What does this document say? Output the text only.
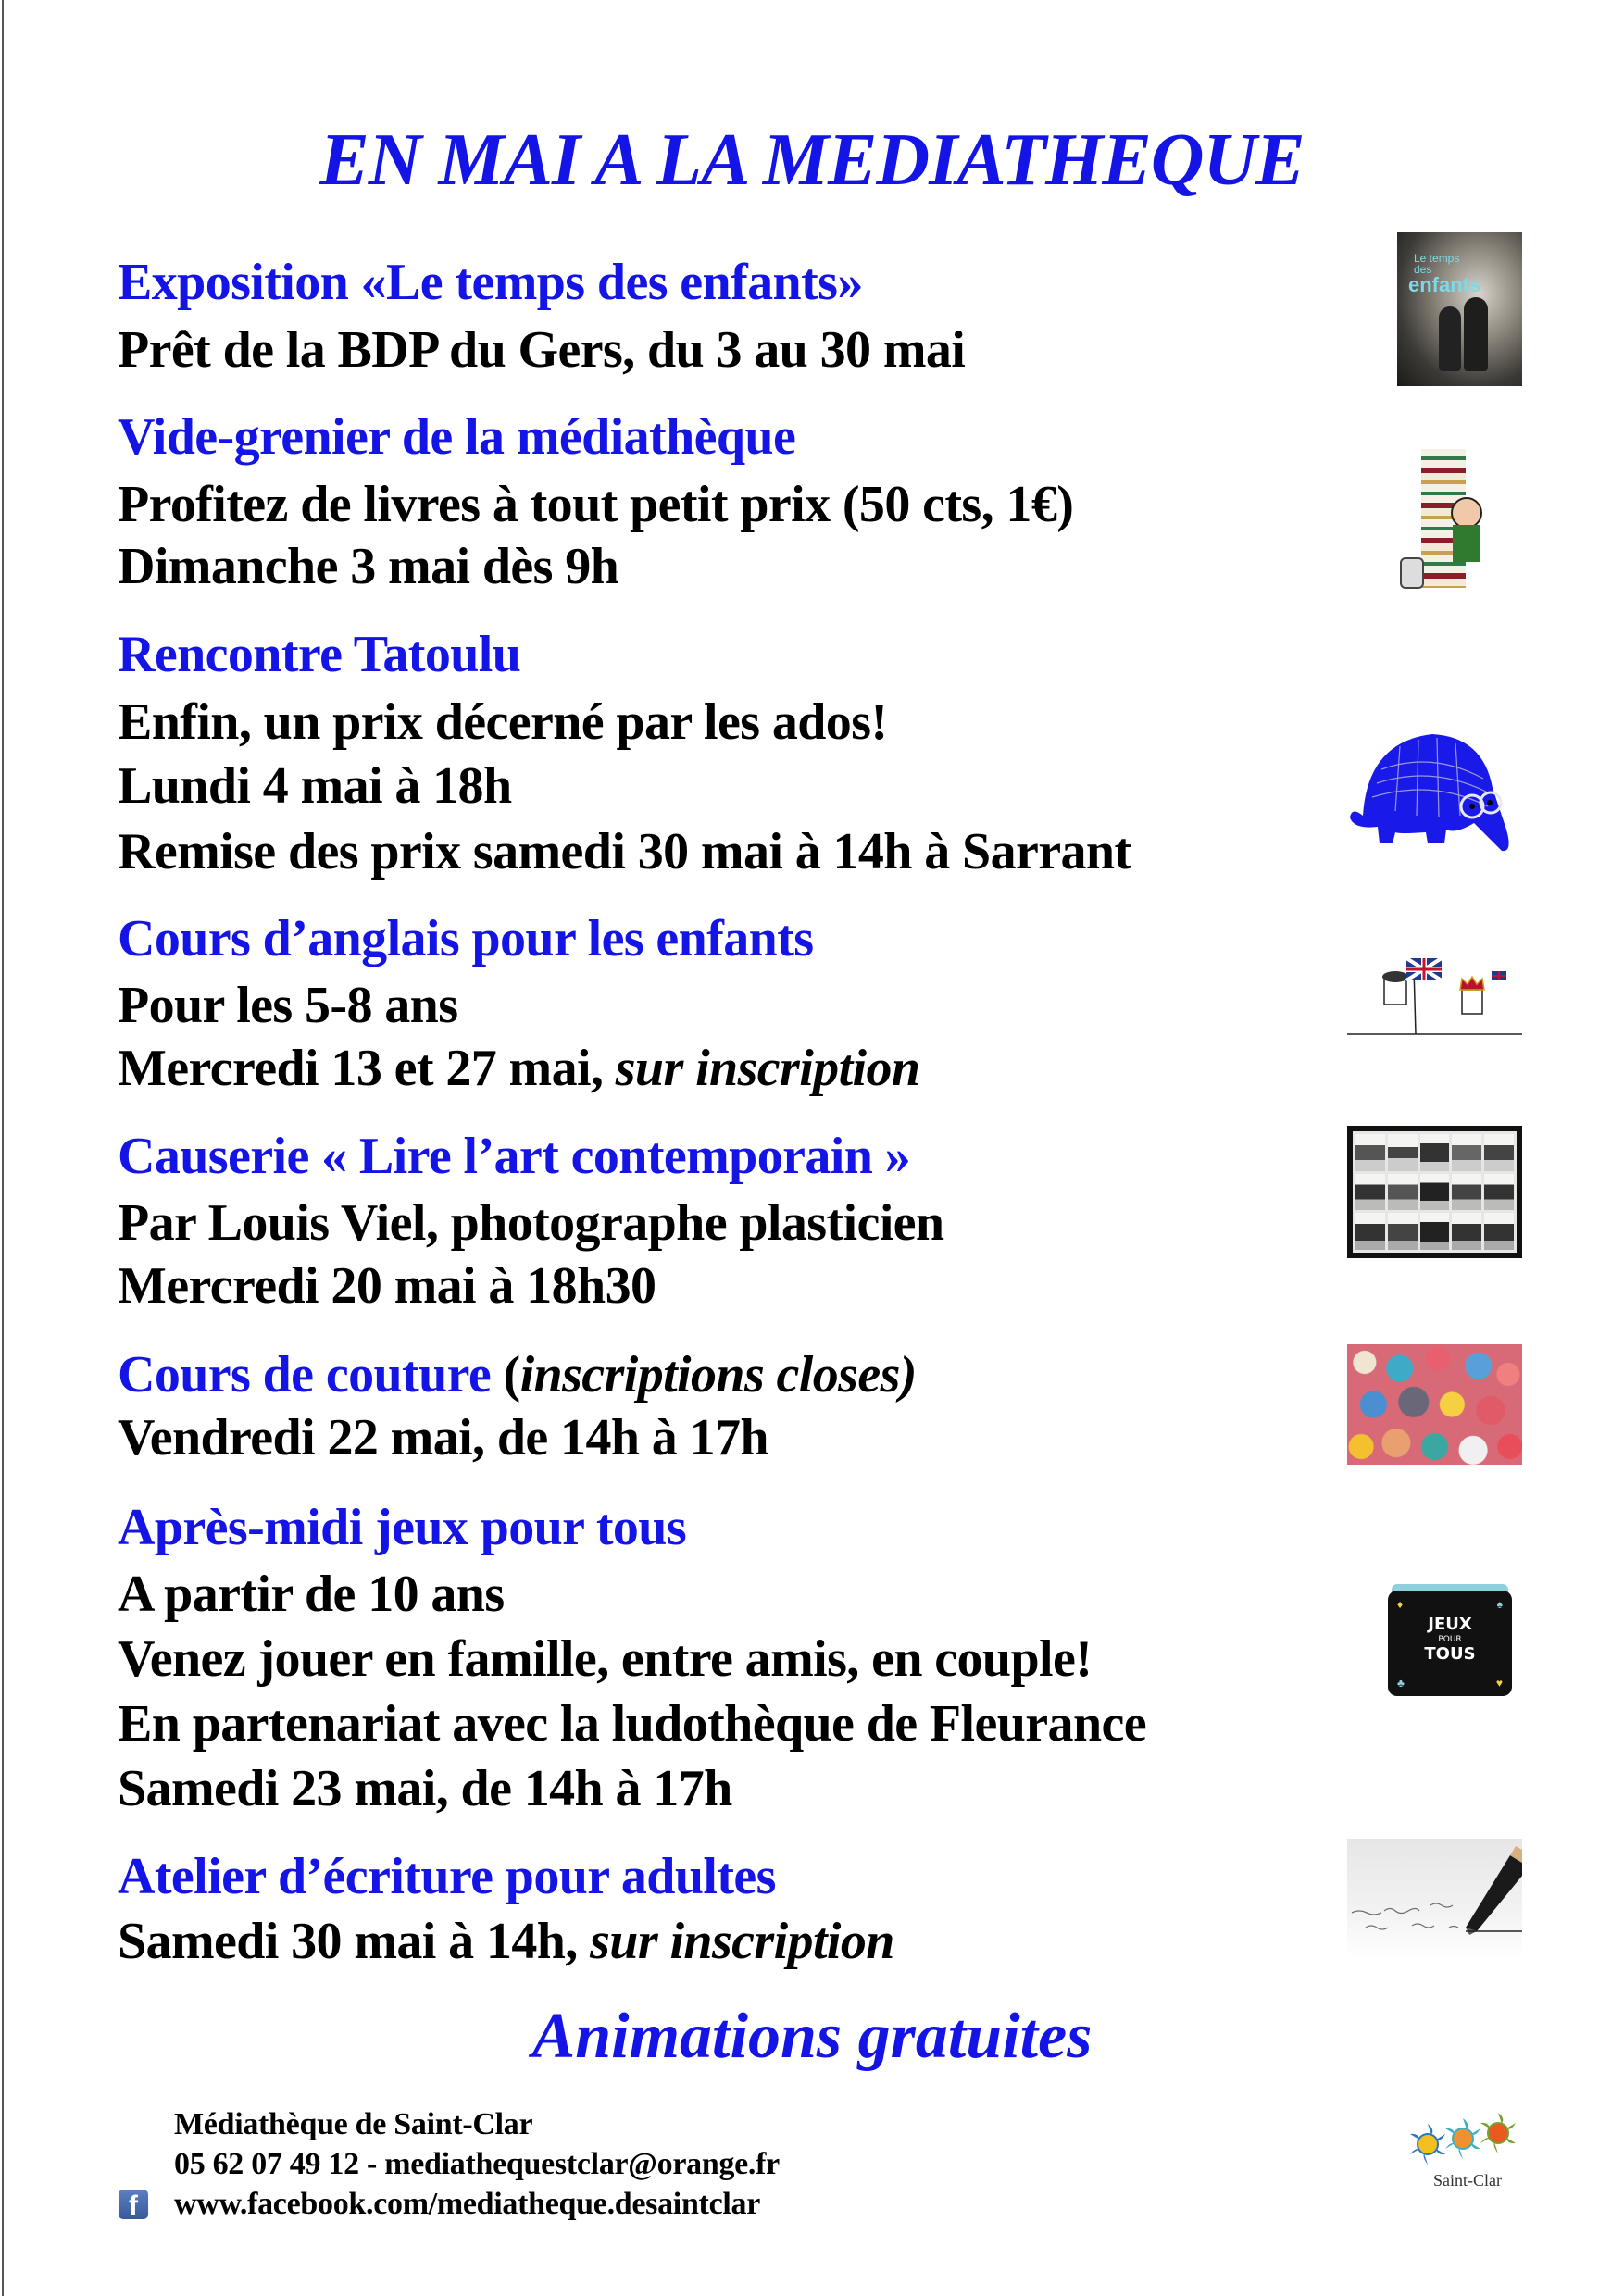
EN MAI A LA MEDIATHEQUE
Exposition «Le temps des enfants»
Prêt de la BDP du Gers, du 3 au 30 mai
Le temps
des
enfants
Vide-grenier de la médiathèque
Profitez de livres à tout petit prix (50 cts, 1€)
Dimanche 3 mai dès 9h
Rencontre Tatoulu
Enfin, un prix décerné par les ados!
Lundi 4 mai à 18h
Remise des prix samedi 30 mai à 14h à Sarrant
Cours d’anglais pour les enfants
Pour les 5-8 ans
Mercredi 13 et 27 mai, sur inscription
Causerie « Lire l’art contemporain »
Par Louis Viel, photographe plasticien
Mercredi 20 mai à 18h30
Cours de couture (inscriptions closes)
Vendredi 22 mai, de 14h à 17h
Après-midi jeux pour tous
A partir de 10 ans
Venez jouer en famille, entre amis, en couple!
En partenariat avec la ludothèque de Fleurance
Samedi 23 mai, de 14h à 17h
JEUX
POUR
TOUS
♦	♠
♣	♥
Atelier d’écriture pour adultes
Samedi 30 mai à 14h, sur inscription
Animations gratuites
Médiathèque de Saint-Clar
05 62 07 49 12 - mediathequestclar@orange.fr
f	www.facebook.com/mediatheque.desaintclar
Saint-Clar
